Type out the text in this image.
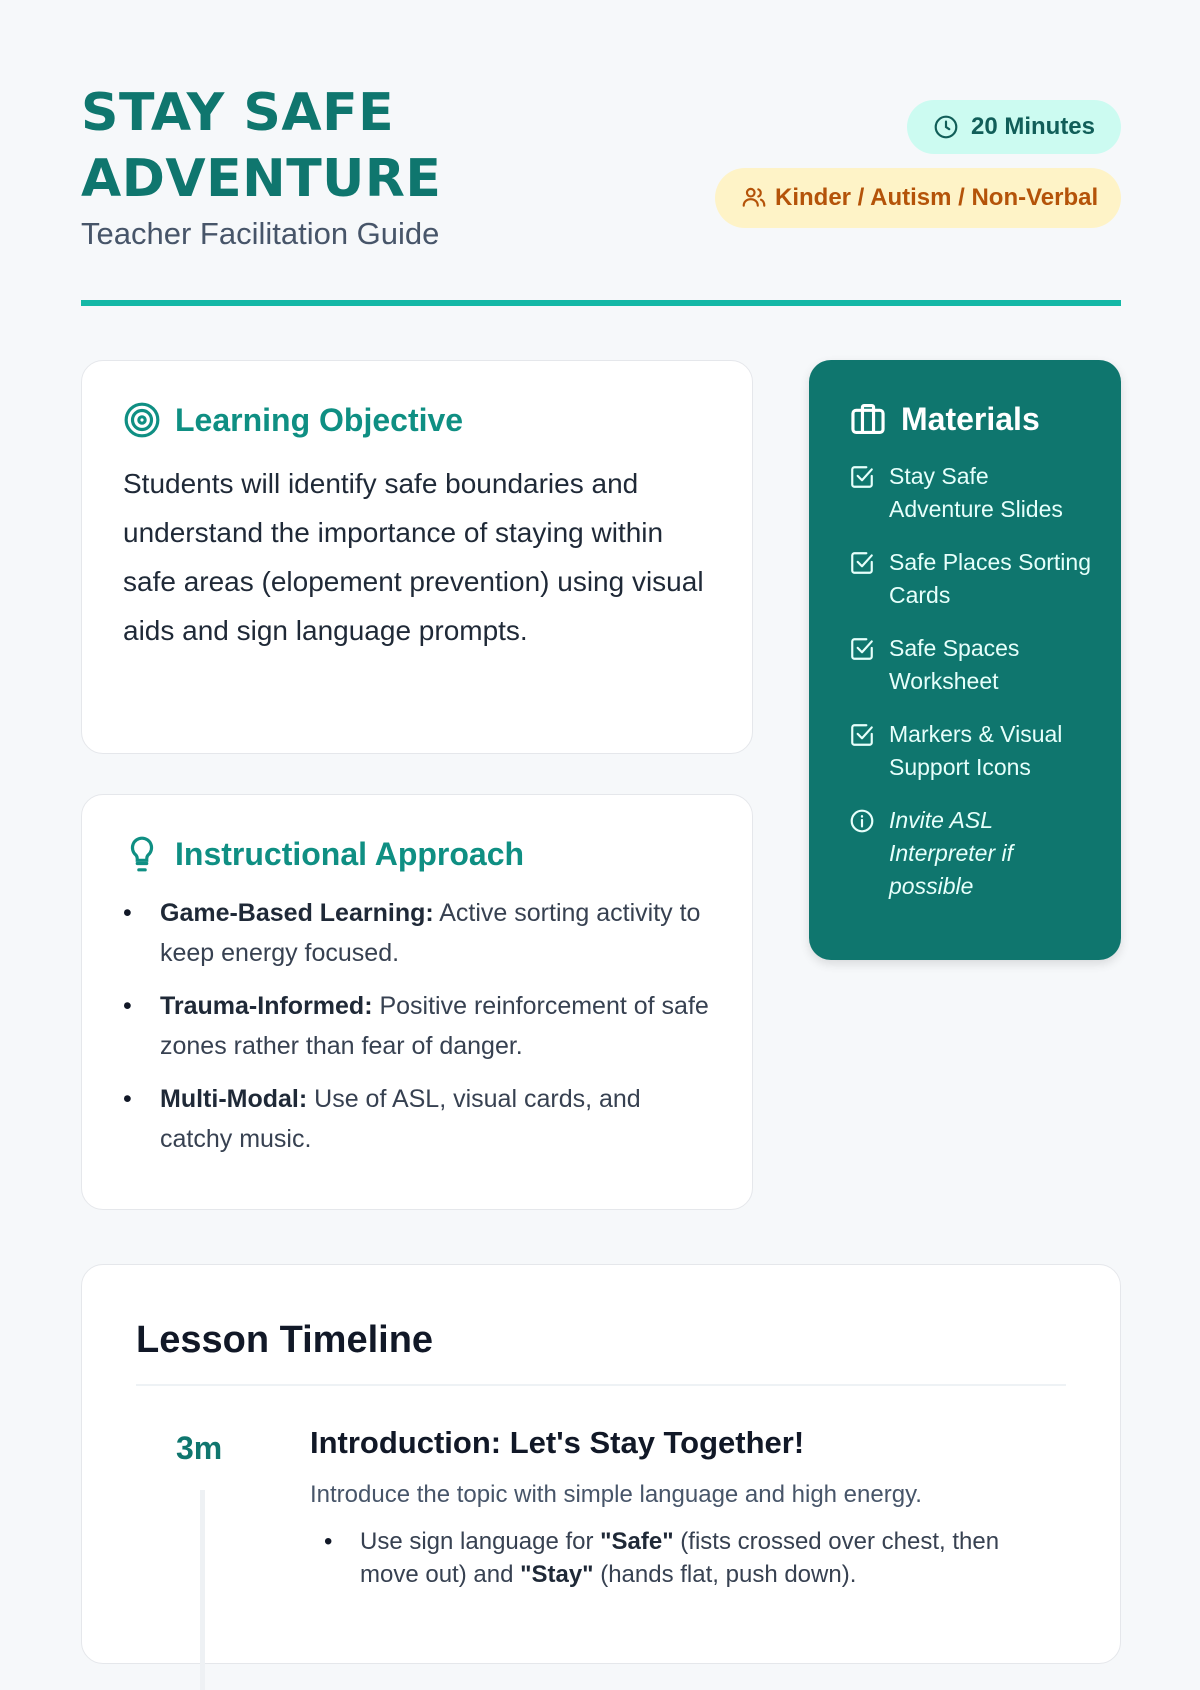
STAY SAFE
ADVENTURE
Teacher Facilitation Guide
20 Minutes
Kinder / Autism / Non-Verbal
Learning Objective

Students will identify safe boundaries and understand the importance of staying within safe areas (elopement prevention) using visual aids and sign language prompts.

Instructional Approach
• Game-Based Learning: Active sorting activity to keep energy focused.
• Trauma-Informed: Positive reinforcement of safe zones rather than fear of danger.
• Multi-Modal: Use of ASL, visual cards, and catchy music.
Materials
Stay Safe Adventure Slides
Safe Places Sorting Cards
Safe Spaces Worksheet
Markers & Visual Support Icons
Invite ASL Interpreter if possible
Lesson Timeline
3m	Introduction: Let's Stay Together!

Introduce the topic with simple language and high energy.

• Use sign language for "Safe" (fists crossed over chest, then move out) and "Stay" (hands flat, push down).
